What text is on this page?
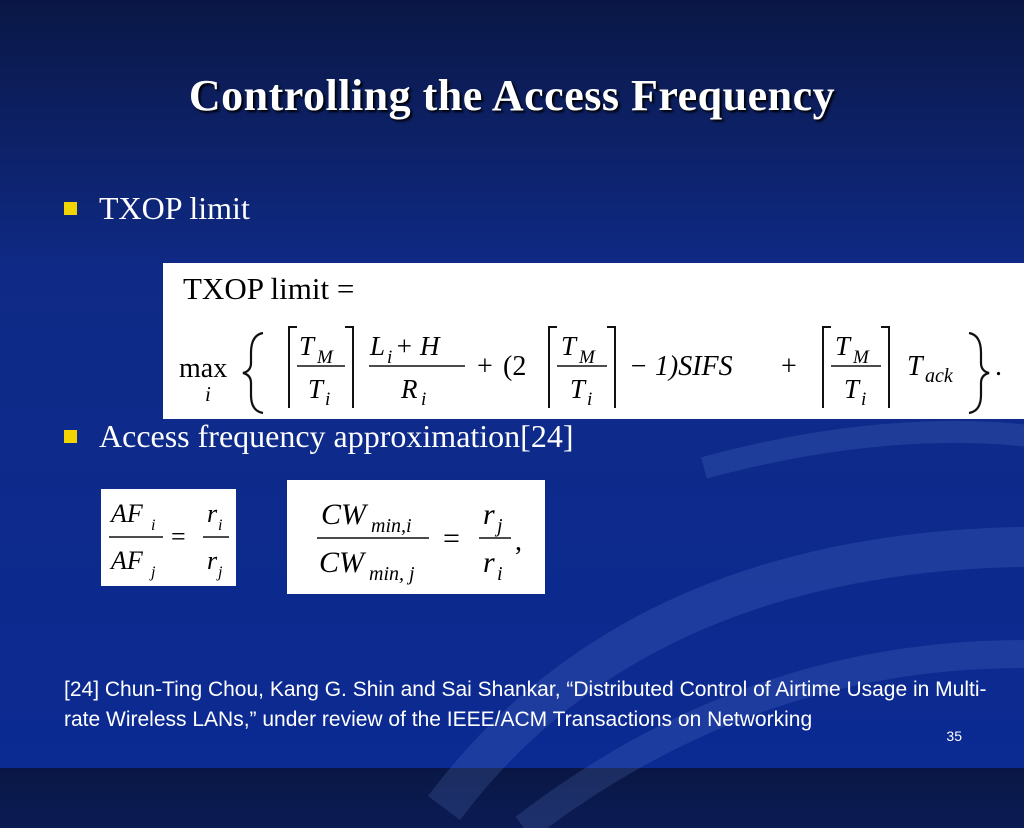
Controlling the Access Frequency
TXOP limit
TXOP limit =
max
i
T M
T i
L i + H
R i
+ (2
T M
T i
− 1)SIFS +
T M
T i
T ack .
Access frequency approximation[24]
AF i
AF j
=
r i
r j
CW min,i
CW min, j
=
r j
r i
,
[24] Chun-Ting Chou, Kang G. Shin and Sai Shankar, “Distributed Control of Airtime Usage in Multi-rate Wireless LANs,” under review of the IEEE/ACM Transactions on Networking
35
